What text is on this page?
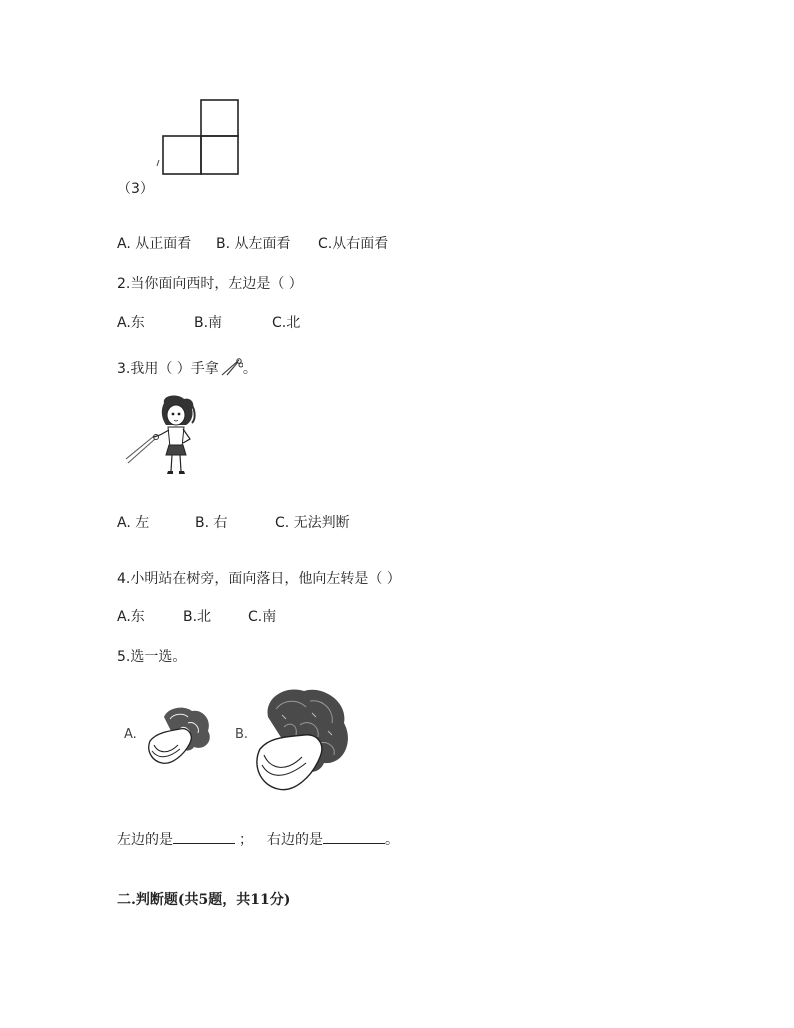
（3）
A. 从正面看 B. 从左面看 C.从右面看
2.当你面向西时，左边是（ ）
A.东	B.南	C.北
3.我用（ ）手拿 。
A. 左	B. 右	C. 无法判断
4.小明站在树旁，面向落日，他向左转是（ ）
A.东	B.北	C.南
5.选一选。
A.	B.
左边的是	； 右边的是	。
二.判断题(共5题，共11分)
